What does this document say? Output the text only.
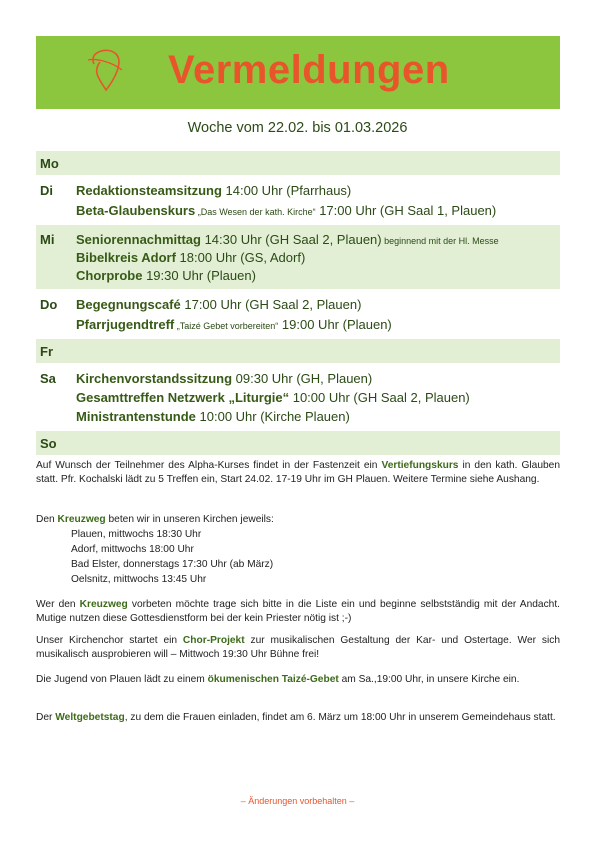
Vermeldungen
Woche vom 22.02. bis 01.03.2026
Mo
Di Redaktionsteamsitzung 14:00 Uhr (Pfarrhaus)
Beta-Glaubenskurs „Das Wesen der kath. Kirche“ 17:00 Uhr (GH Saal 1, Plauen)
Mi Seniorennachmittag 14:30 Uhr (GH Saal 2, Plauen) beginnend mit der Hl. Messe
Bibelkreis Adorf 18:00 Uhr (GS, Adorf)
Chorprobe 19:30 Uhr (Plauen)
Do Begegnungscafé 17:00 Uhr (GH Saal 2, Plauen)
Pfarrjugendtreff „Taizé Gebet vorbereiten“ 19:00 Uhr (Plauen)
Fr
Sa Kirchenvorstandssitzung 09:30 Uhr (GH, Plauen)
Gesamttreffen Netzwerk „Liturgie“ 10:00 Uhr (GH Saal 2, Plauen)
Ministrantenstunde 10:00 Uhr (Kirche Plauen)
So
Auf Wunsch der Teilnehmer des Alpha-Kurses findet in der Fastenzeit ein Vertiefungskurs in den kath. Glauben statt. Pfr. Kochalski lädt zu 5 Treffen ein, Start 24.02. 17-19 Uhr im GH Plauen. Weitere Termine siehe Aushang.
Den Kreuzweg beten wir in unseren Kirchen jeweils:
Plauen, mittwochs 18:30 Uhr
Adorf, mittwochs 18:00 Uhr
Bad Elster, donnerstags 17:30 Uhr (ab März)
Oelsnitz, mittwochs 13:45 Uhr
Wer den Kreuzweg vorbeten möchte trage sich bitte in die Liste ein und beginne selbstständig mit der Andacht. Mutige nutzen diese Gottesdienstform bei der kein Priester nötig ist ;-)
Unser Kirchenchor startet ein Chor-Projekt zur musikalischen Gestaltung der Kar- und Ostertage. Wer sich musikalisch ausprobieren will – Mittwoch 19:30 Uhr Bühne frei!
Die Jugend von Plauen lädt zu einem ökumenischen Taizé-Gebet am Sa.,19:00 Uhr, in unsere Kirche ein.
Der Weltgebetstag, zu dem die Frauen einladen, findet am 6. März um 18:00 Uhr in unserem Gemeindehaus statt.
– Änderungen vorbehalten –
